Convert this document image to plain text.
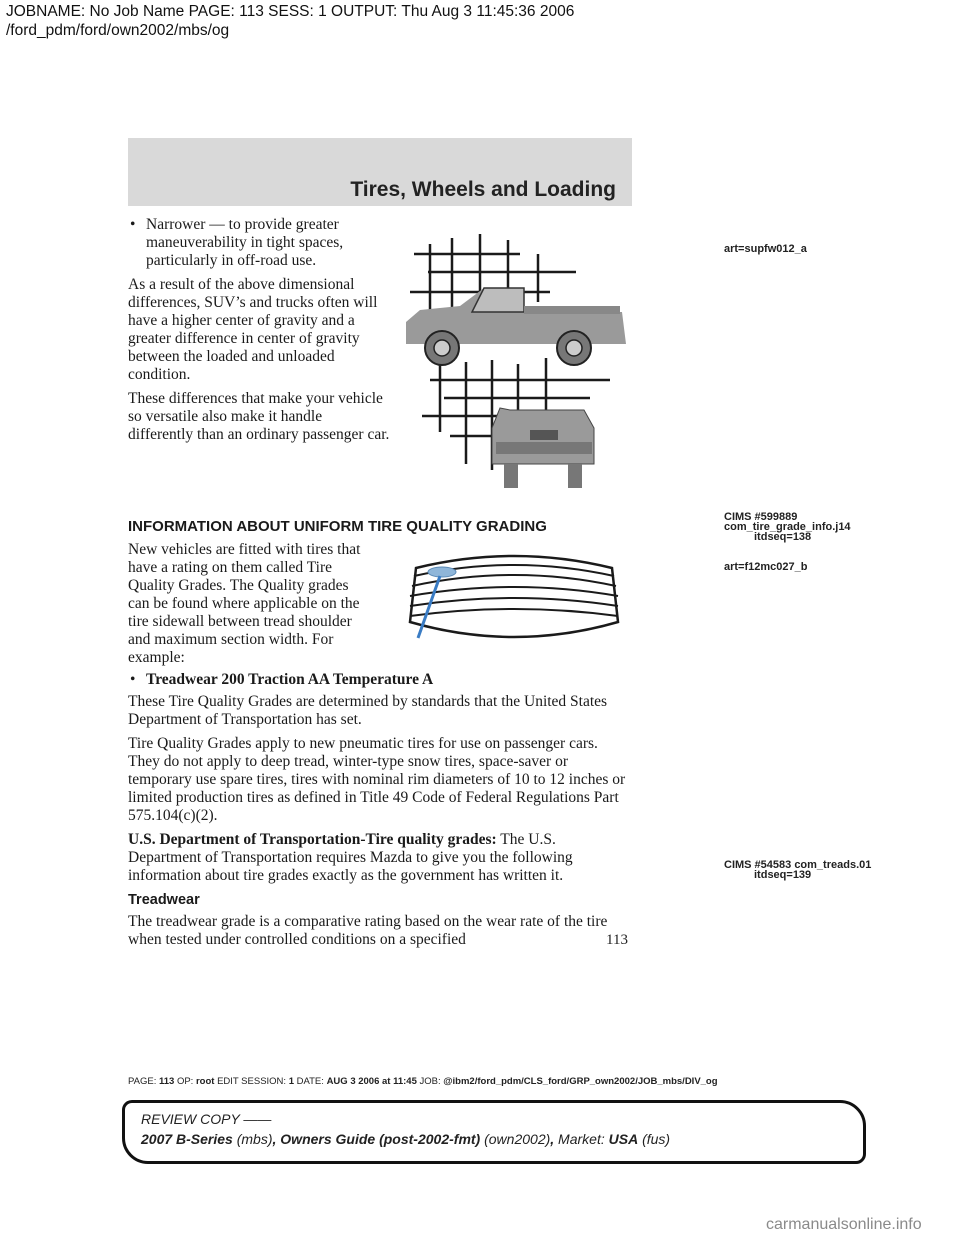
JOBNAME: No Job Name PAGE: 113 SESS: 1 OUTPUT: Thu Aug 3 11:45:36 2006
/ford_pdm/ford/own2002/mbs/og
Tires, Wheels and Loading

• Narrower — to provide greater maneuverability in tight spaces, particularly in off-road use.

As a result of the above dimensional differences, SUV’s and trucks often will have a higher center of gravity and a greater difference in center of gravity between the loaded and unloaded condition.

These differences that make your vehicle so versatile also make it handle differently than an ordinary passenger car.

art=supfw012_a
CIMS #599889
com_tire_grade_info.j14
itdseq=138
art=f12mc027_b
CIMS #54583 com_treads.01
itdseq=139
INFORMATION ABOUT UNIFORM TIRE QUALITY GRADING

New vehicles are fitted with tires that have a rating on them called Tire Quality Grades. The Quality grades can be found where applicable on the tire sidewall between tread shoulder and maximum section width. For example:

• Treadwear 200 Traction AA Temperature A

These Tire Quality Grades are determined by standards that the United States Department of Transportation has set.

Tire Quality Grades apply to new pneumatic tires for use on passenger cars. They do not apply to deep tread, winter-type snow tires, space-saver or temporary use spare tires, tires with nominal rim diameters of 10 to 12 inches or limited production tires as defined in Title 49 Code of Federal Regulations Part 575.104(c)(2).

U.S. Department of Transportation-Tire quality grades: The U.S. Department of Transportation requires Mazda to give you the following information about tire grades exactly as the government has written it.

Treadwear

The treadwear grade is a comparative rating based on the wear rate of the tire when tested under controlled conditions on a specified	113
PAGE: 113 OP: root EDIT SESSION: 1 DATE: AUG 3 2006 at 11:45 JOB: @ibm2/ford_pdm/CLS_ford/GRP_own2002/JOB_mbs/DIV_og
REVIEW COPY ——
2007 B-Series (mbs), Owners Guide (post-2002-fmt) (own2002), Market: USA (fus)
carmanualsonline.info
